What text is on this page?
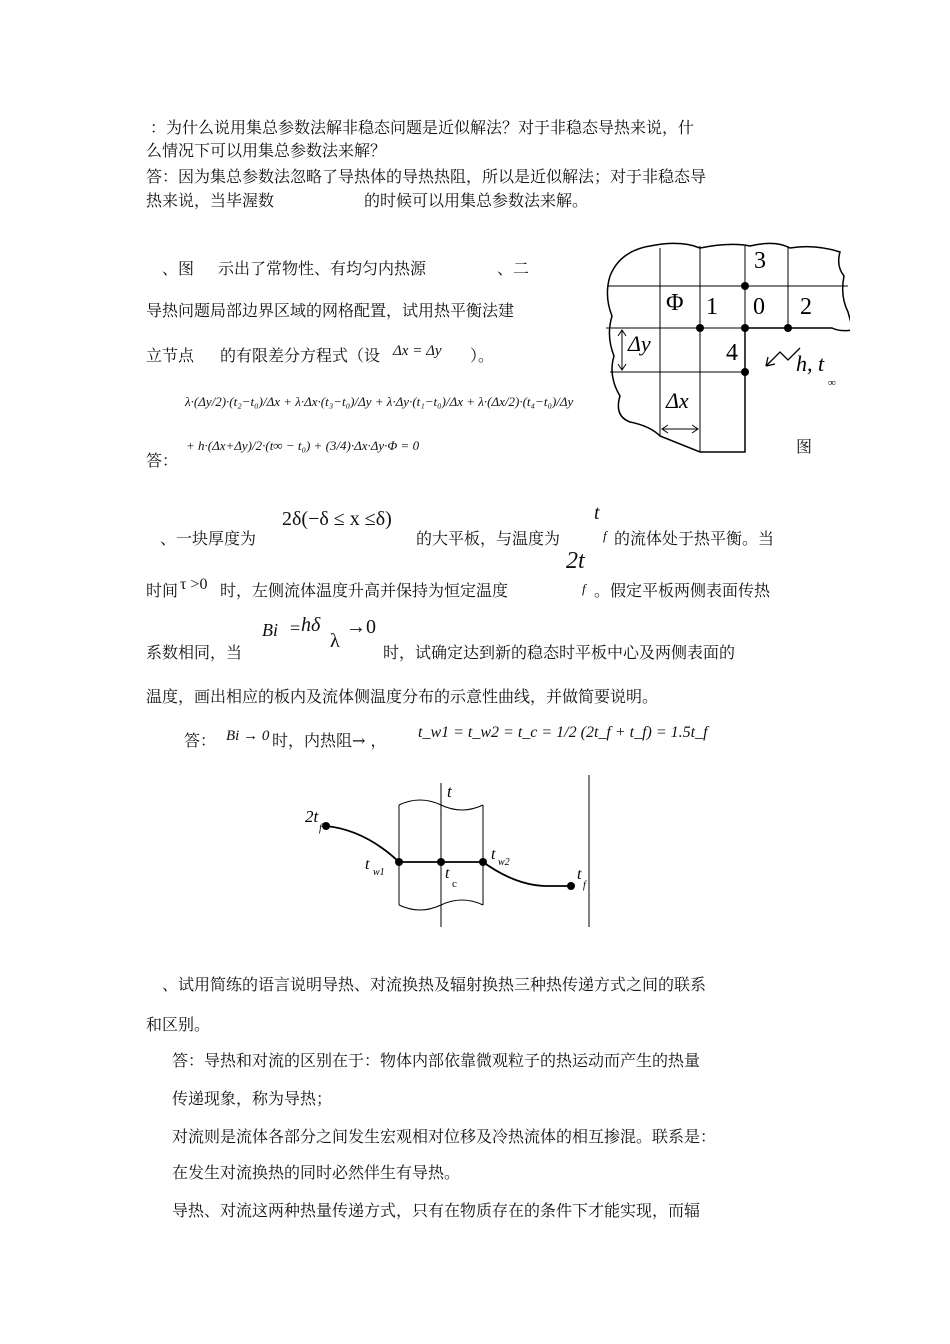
：为什么说用集总参数法解非稳态问题是近似解法？对于非稳态导热来说，什
么情况下可以用集总参数法来解？
答：因为集总参数法忽略了导热体的导热热阻，所以是近似解法；对于非稳态导
热来说，当毕渥数	的时候可以用集总参数法来解。
、图 示出了常物性、有均匀内热源	、二
导热问题局部边界区域的网格配置，试用热平衡法建
立节点 的有限差分方程式（设 Δx = Δy ）。
λ·(Δy/2)·(t₂−t₀)/Δx + λ·Δx·(t₃−t₀)/Δy + λ·Δy·(t₁−t₀)/Δx + λ·(Δx/2)·(t₄−t₀)/Δy
答：
+ h·(Δx+Δy)/2·(t∞ − t₀) + (3/4)·Δx·Δy·Φ = 0	图
3
Φ 1 0 2
4
Δy
Δx
h, t
∞
、一块厚度为
2δ(−δ ≤ x ≤δ)
的大平板，与温度为
t
f 的流体处于热平衡。当
时间 τ >0 时，左侧流体温度升高并保持为恒定温度
2t
f 。假定平板两侧表面传热
系数相同，当
Bi = hδ
λ
→0
时，试确定达到新的稳态时平板中心及两侧表面的
温度，画出相应的板内及流体侧温度分布的示意性曲线，并做简要说明。
答： Bi → 0 时，内热阻→ ， t_w1 = t_w2 = t_c = 1/2 (2t_f + t_f) = 1.5t_f
t
2t
f
t w1	t
c
t w2
t
f
、试用简练的语言说明导热、对流换热及辐射换热三种热传递方式之间的联系
和区别。
答：导热和对流的区别在于：物体内部依靠微观粒子的热运动而产生的热量
传递现象，称为导热；
对流则是流体各部分之间发生宏观相对位移及冷热流体的相互掺混。联系是：
在发生对流换热的同时必然伴生有导热。
导热、对流这两种热量传递方式，只有在物质存在的条件下才能实现，而辐
